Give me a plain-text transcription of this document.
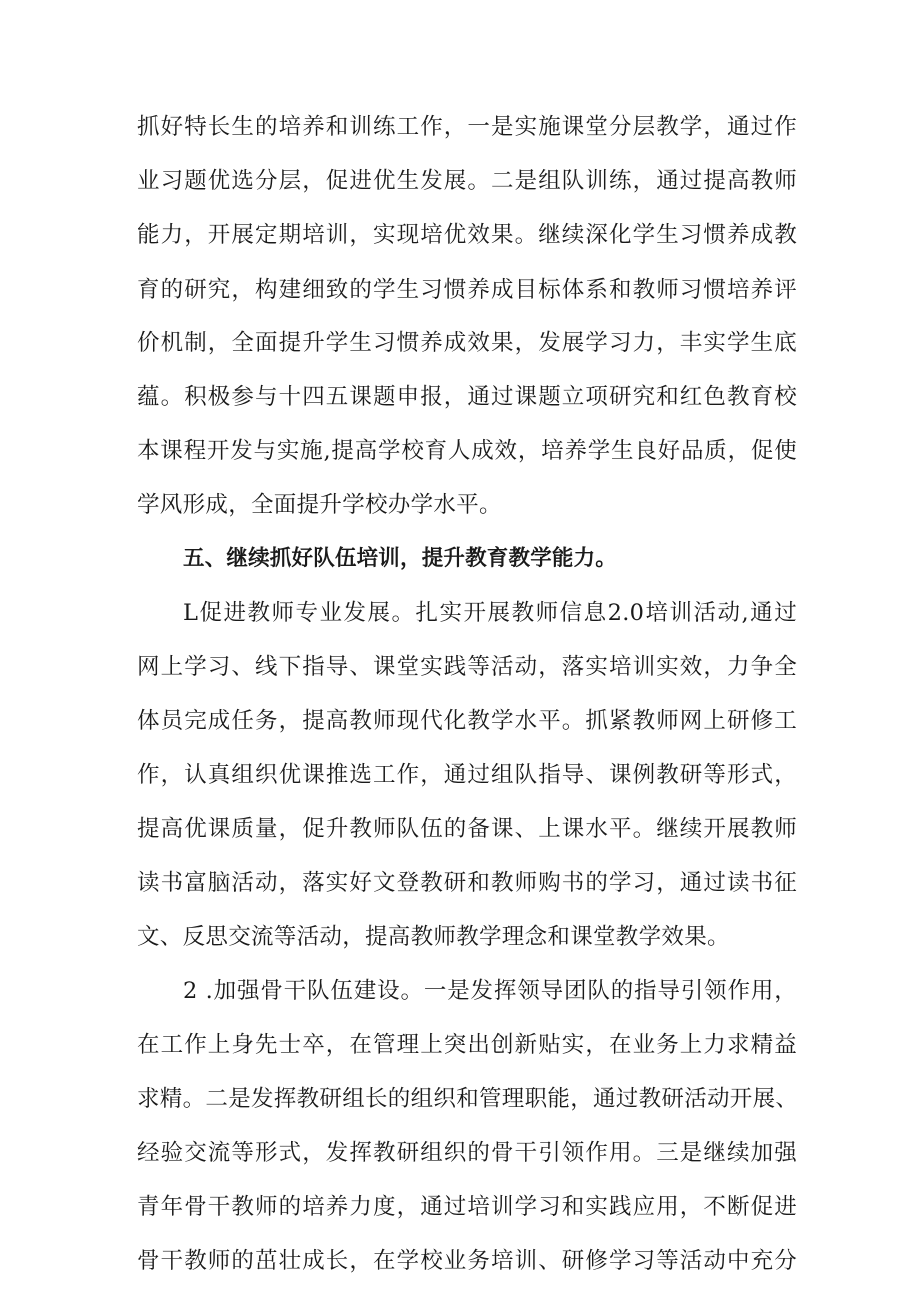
抓好特长生的培养和训练工作，一是实施课堂分层教学，通过作
业习题优选分层，促进优生发展。二是组队训练，通过提高教师
能力，开展定期培训，实现培优效果。继续深化学生习惯养成教
育的研究，构建细致的学生习惯养成目标体系和教师习惯培养评
价机制，全面提升学生习惯养成效果，发展学习力，丰实学生底
蕴。积极参与十四五课题申报，通过课题立项研究和红色教育校
本课程开发与实施,提高学校育人成效，培养学生良好品质，促使
学风形成，全面提升学校办学水平。
五、继续抓好队伍培训，提升教育教学能力。
L促进教师专业发展。扎实开展教师信息2.0培训活动,通过
网上学习、线下指导、课堂实践等活动，落实培训实效，力争全
体员完成任务，提高教师现代化教学水平。抓紧教师网上研修工
作，认真组织优课推选工作，通过组队指导、课例教研等形式，
提高优课质量，促升教师队伍的备课、上课水平。继续开展教师
读书富脑活动，落实好文登教研和教师购书的学习，通过读书征
文、反思交流等活动，提高教师教学理念和课堂教学效果。
2 .加强骨干队伍建设。一是发挥领导团队的指导引领作用，
在工作上身先士卒，在管理上突出创新贴实，在业务上力求精益
求精。二是发挥教研组长的组织和管理职能，通过教研活动开展、
经验交流等形式，发挥教研组织的骨干引领作用。三是继续加强
青年骨干教师的培养力度，通过培训学习和实践应用，不断促进
骨干教师的茁壮成长，在学校业务培训、研修学习等活动中充分
